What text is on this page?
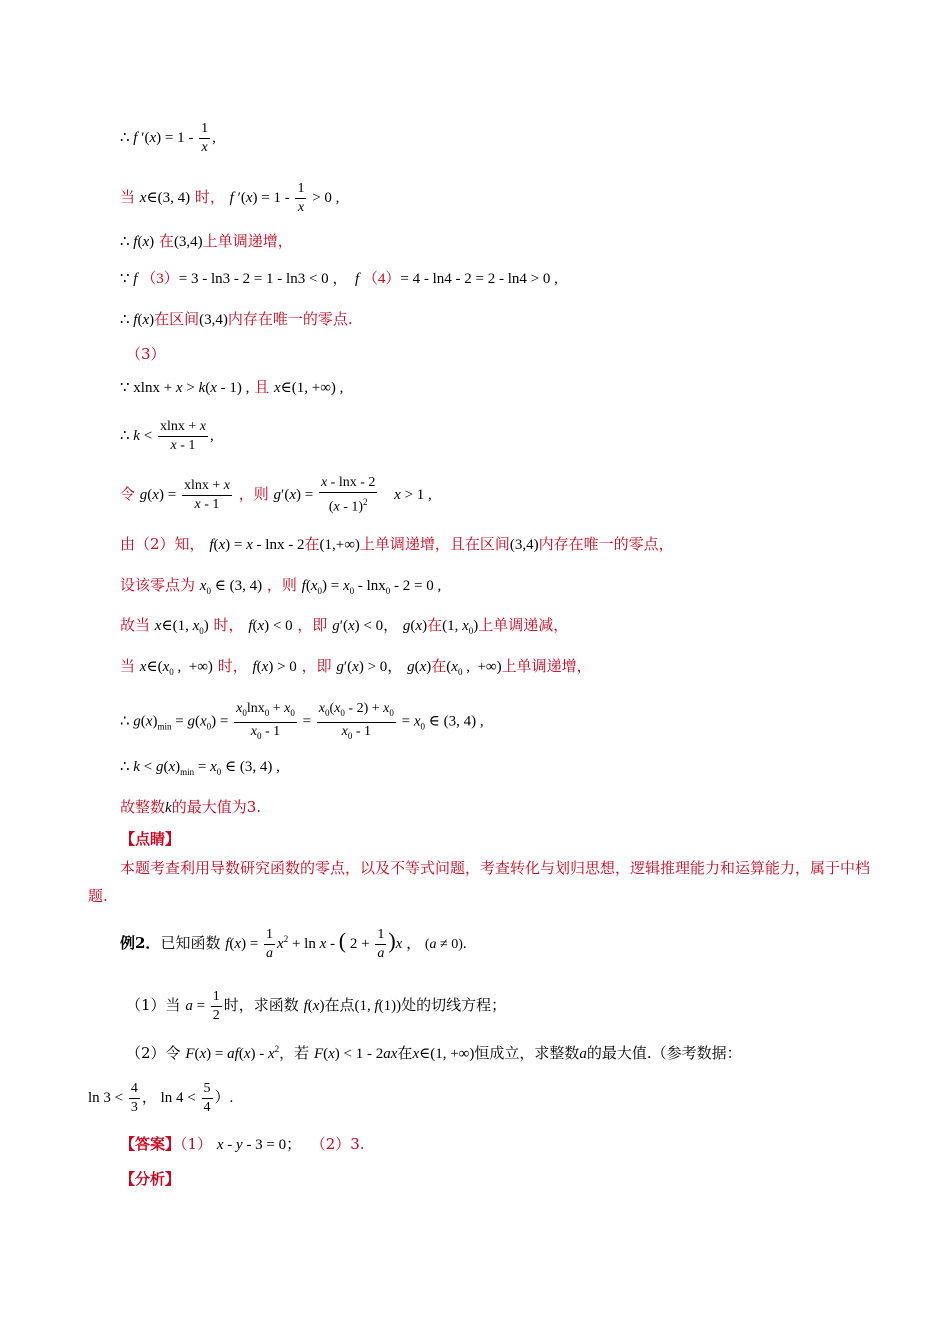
∴ f $'(x) = 1 - \frac{1}{x}$ ,
当 x∈(3, 4) 时， f $'(x) = 1 - \frac{1}{x} > 0$ ,
∴ f(x) 在(3,4)上单调递增，
∵ f （3）= 3 - ln3 - 2 = 1 - ln3 < 0 ，  f （4）= 4 - ln4 - 2 = 2 - ln4 > 0 ,
∴ f(x)在区间(3,4)内存在唯一的零点.
（3）
∵ xlnx + x > k(x - 1) , 且 x∈(1, +∞) ,
∴ $k < \frac{xlnx + x}{x - 1}$ ,
令 $g(x) = \frac{xlnx + x}{x - 1}$ ，则 $g'(x) = \frac{x - \ln x - 2}{(x - 1)^2}$ x > 1 ,
由（2）知， f(x) = x - lnx - 2在(1,+∞)上单调递增，且在区间(3,4)内存在唯一的零点，
设该零点为 $x_0$ ∈ (3, 4) ，则 $f(x_0) = x_0 - \ln x_0 - 2 = 0$ ,
故当 x∈(1, $x_0$) 时， f(x) < 0 ，即 g′(x) < 0， g(x)在(1, $x_0$)上单调递减，
当 $x\in(x_0$ ,  +∞) 时， f(x) > 0 ，即 g′(x) > 0， g(x)在($x_0$ ,  +∞)上单调递增，
∴ $g(x)_{min} = g(x_0) = \frac{x_0\ln x_0 + x_0}{x_0 - 1} = \frac{x_0(x_0 - 2) + x_0}{x_0 - 1} = x_0$ ∈ (3, 4) ,
∴ $k < g(x)_{min} = x_0$ ∈ (3, 4) ,
故整数k的最大值为3.
【点睛】
本题考查利用导数研究函数的零点，以及不等式问题，考查转化与划归思想，逻辑推理能力和运算能力，属于中档题.
例2．已知函数 $f(x) = \frac{1}{a} x^2 + \ln x$ - ( $2 + \frac{1}{a} )x$ ， (a ≠ 0).
（1）当 $a = \frac{1}{2}$ 时，求函数 f(x)在点(1, f(1))处的切线方程；
（2）令 $F(x) = af(x) - x^2$，若 F(x) < 1 - 2ax在x∈(1, +∞)恒成立，求整数a的最大值.（参考数据：
$\ln 3 < \frac{4}{3}$ ， $\ln 4 < \frac{5}{4}$ ）.
【答案】（1） x - y - 3 = 0；  （2）3.
【分析】
